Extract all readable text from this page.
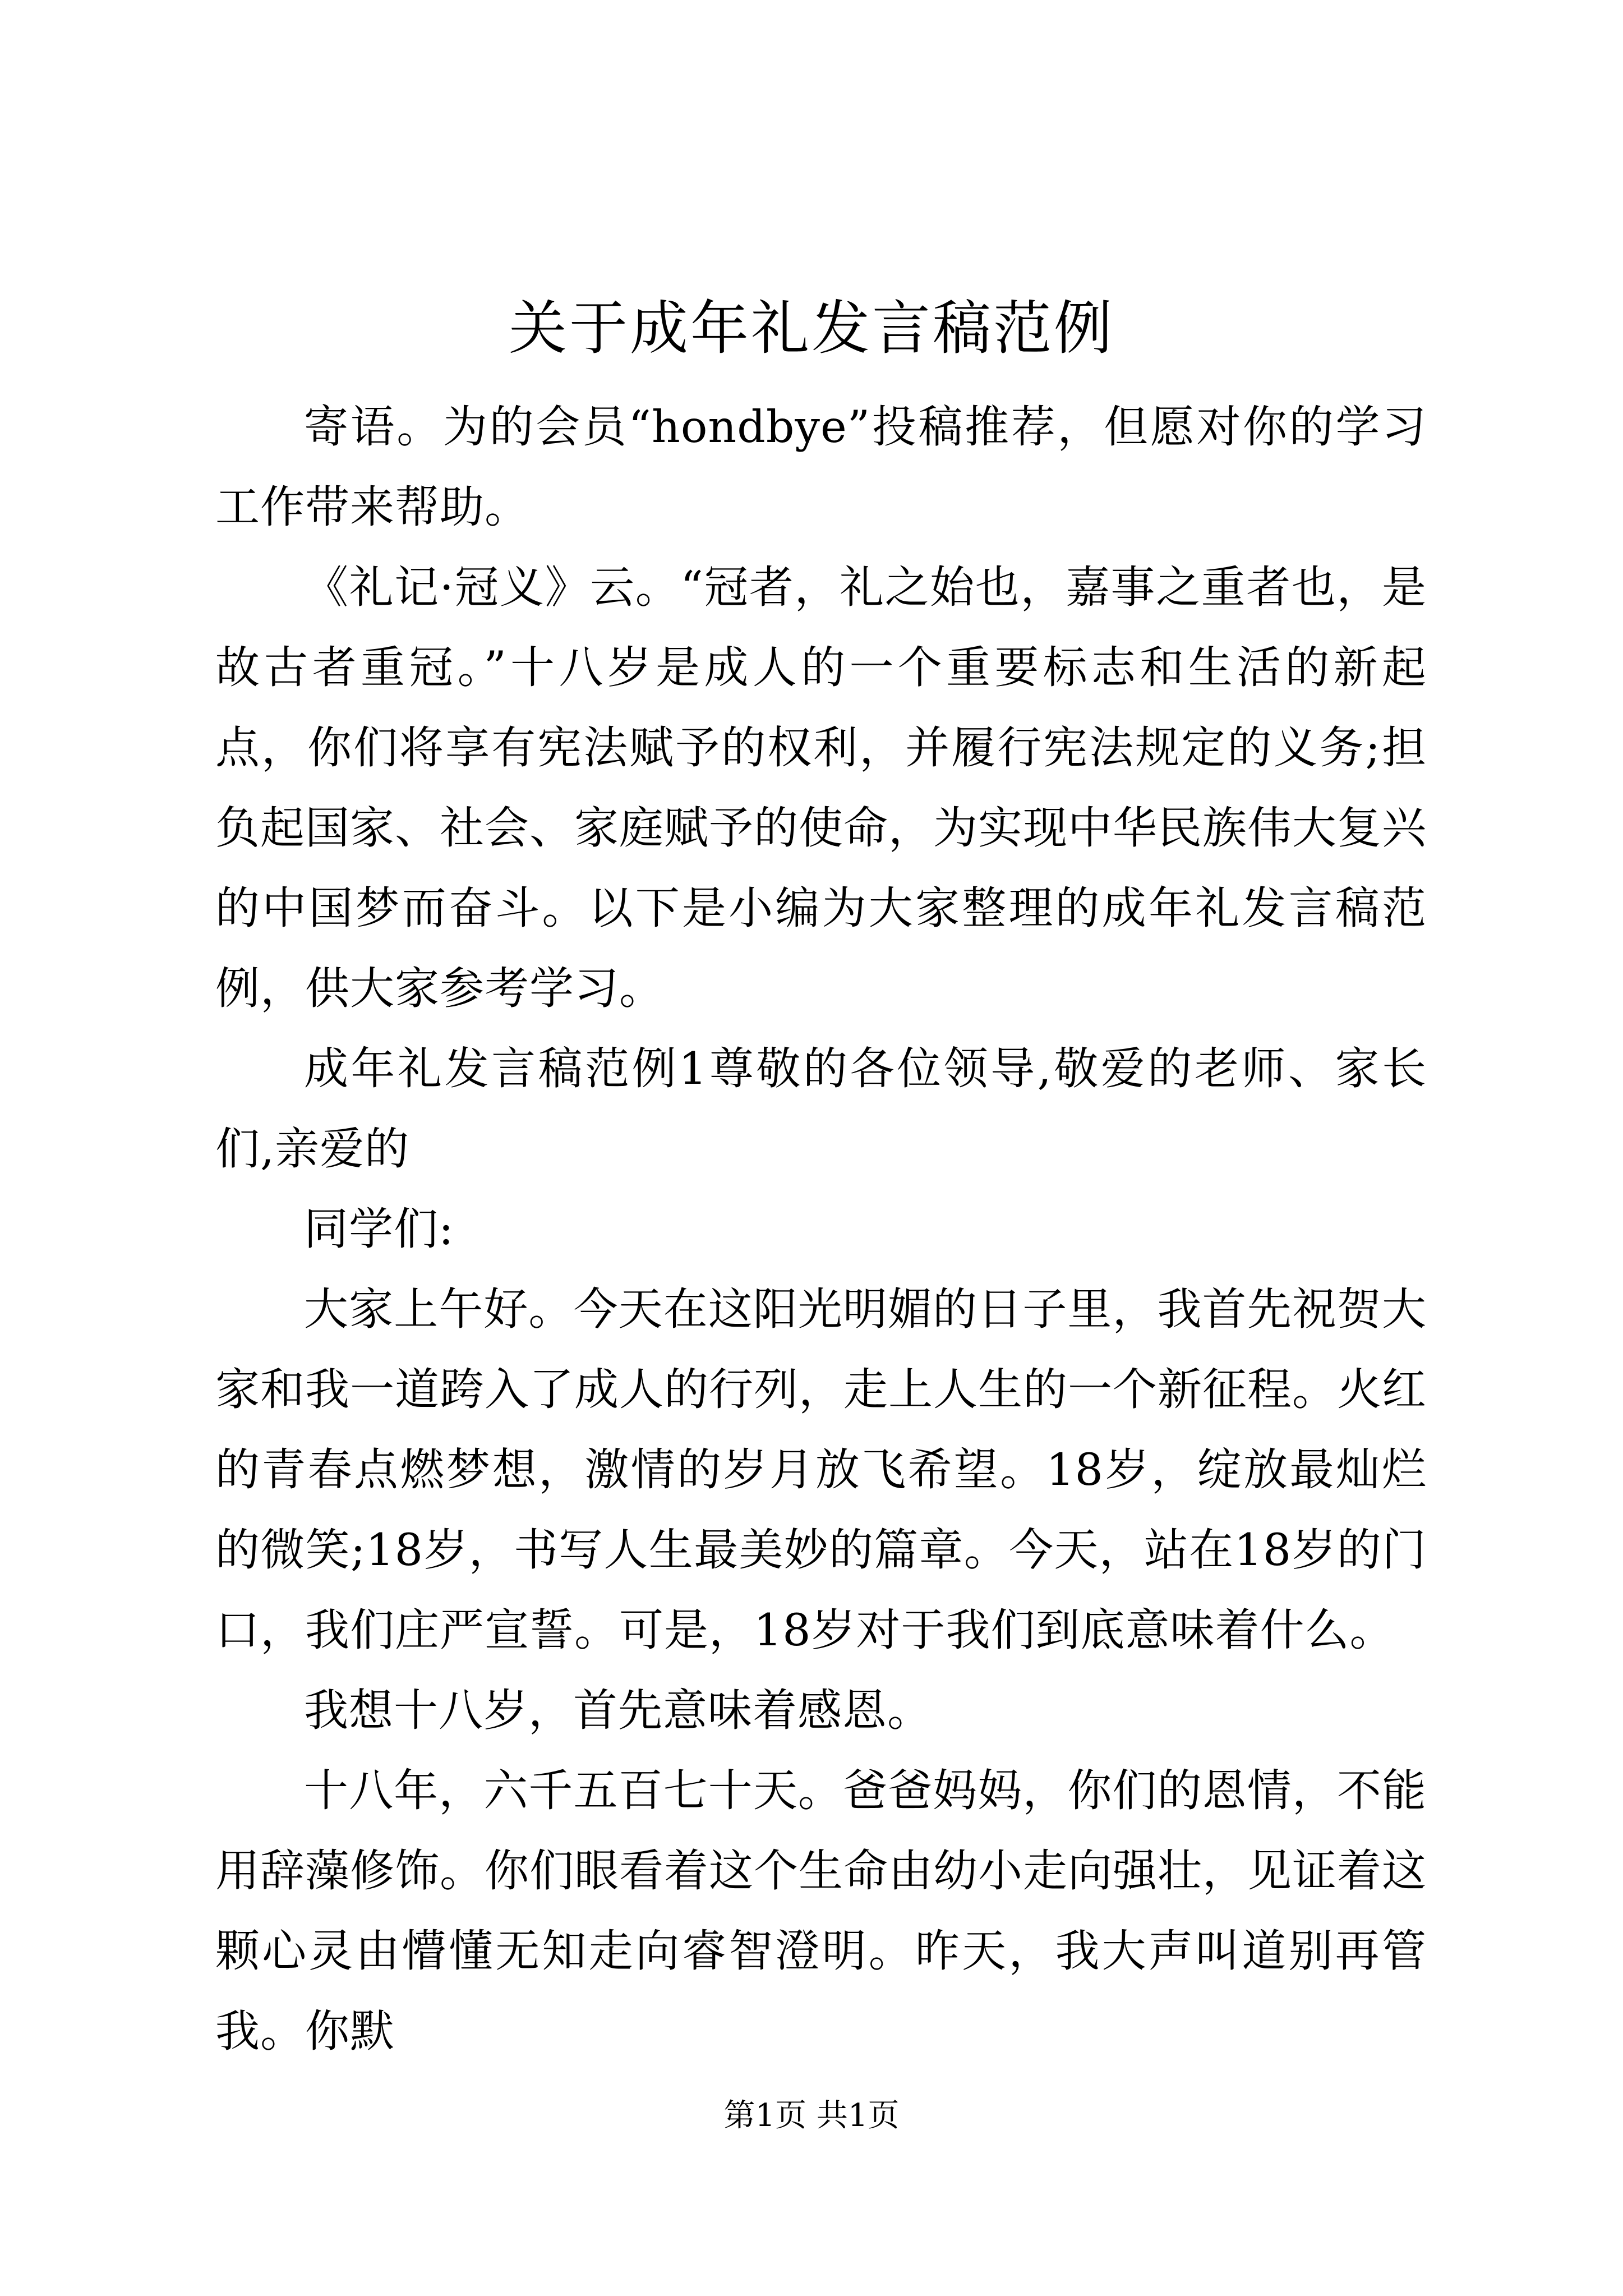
关于成年礼发言稿范例

寄语。为的会员“hondbye”投稿推荐，但愿对你的学习工作带来帮助。

《礼记·冠义》云。“冠者，礼之始也，嘉事之重者也，是故古者重冠。”十八岁是成人的一个重要标志和生活的新起点，你们将享有宪法赋予的权利，并履行宪法规定的义务;担负起国家、社会、家庭赋予的使命，为实现中华民族伟大复兴的中国梦而奋斗。以下是小编为大家整理的成年礼发言稿范例，供大家参考学习。

成年礼发言稿范例1尊敬的各位领导,敬爱的老师、家长们,亲爱的

同学们:

大家上午好。今天在这阳光明媚的日子里，我首先祝贺大家和我一道跨入了成人的行列，走上人生的一个新征程。火红的青春点燃梦想，激情的岁月放飞希望。18岁，绽放最灿烂的微笑;18岁，书写人生最美妙的篇章。今天，站在18岁的门口，我们庄严宣誓。可是，18岁对于我们到底意味着什么。

我想十八岁，首先意味着感恩。

十八年，六千五百七十天。爸爸妈妈，你们的恩情，不能用辞藻修饰。你们眼看着这个生命由幼小走向强壮，见证着这颗心灵由懵懂无知走向睿智澄明。昨天，我大声叫道别再管我。你默

第1页 共1页
